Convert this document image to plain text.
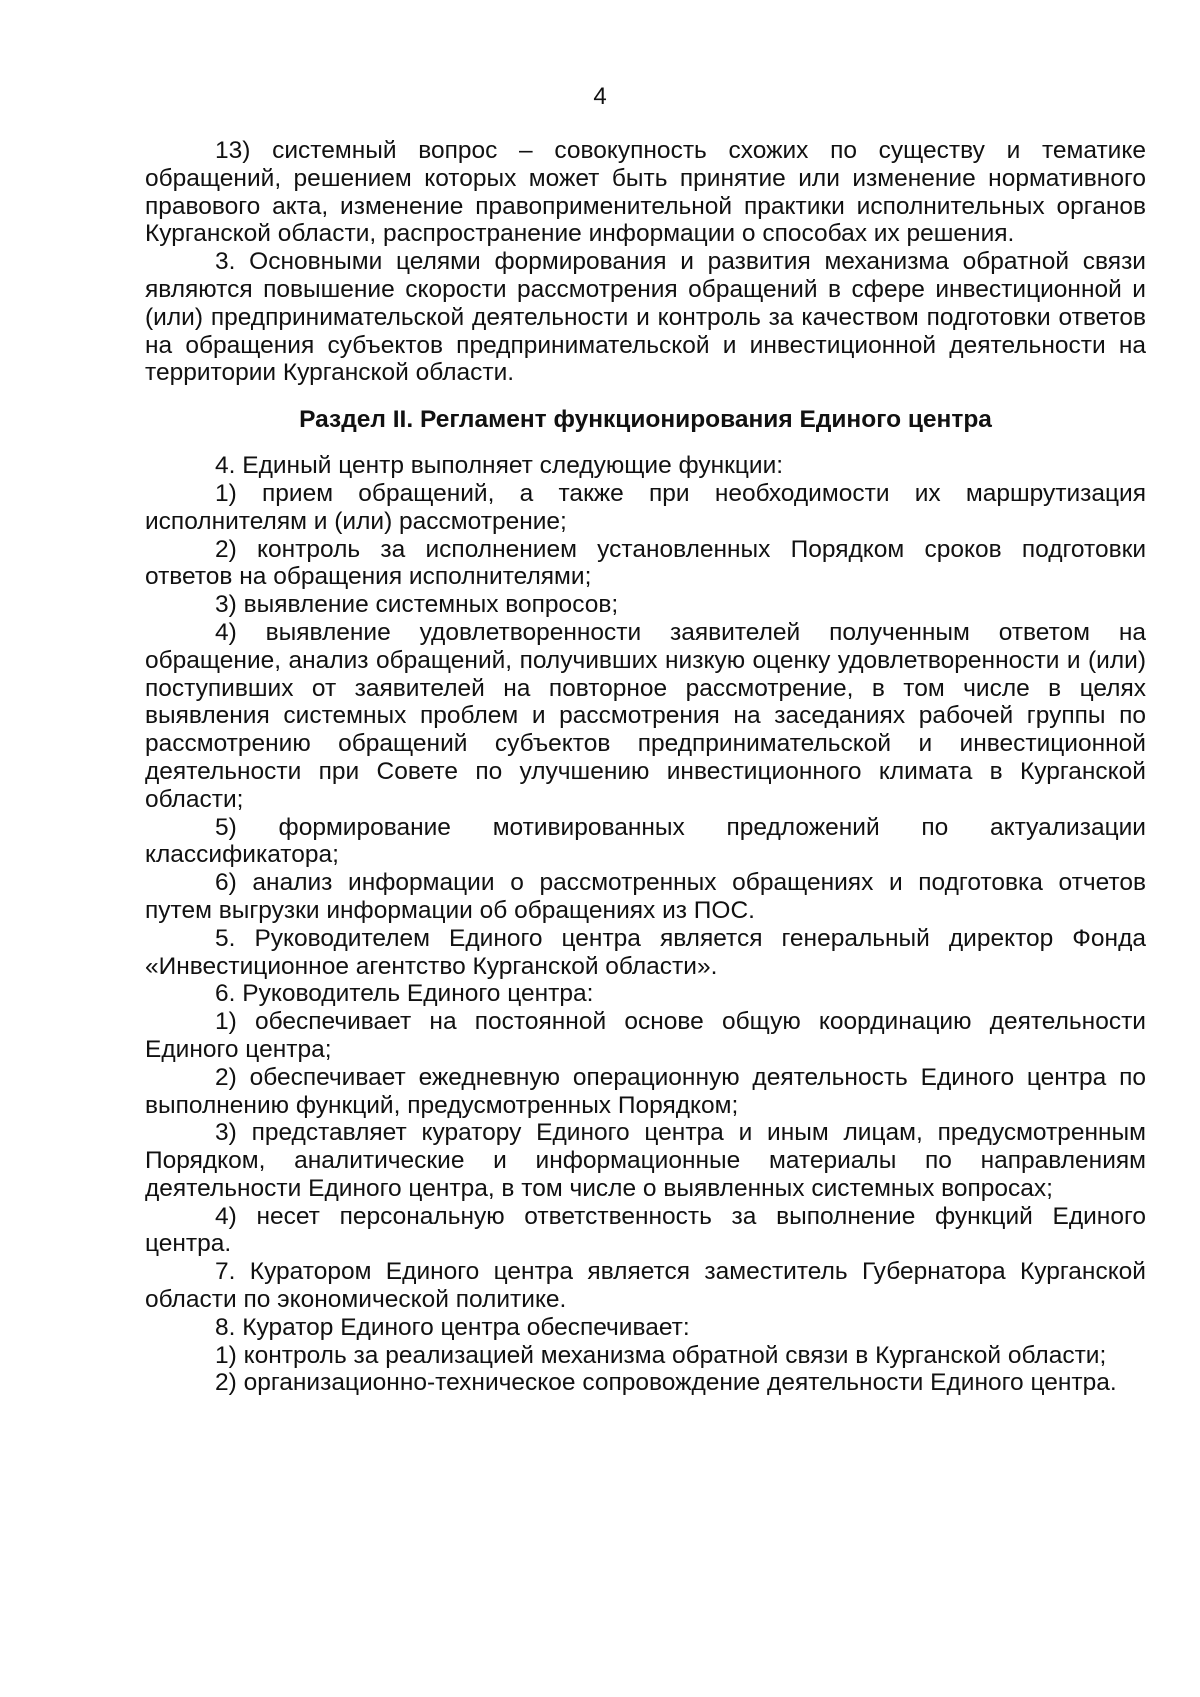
4

13) системный вопрос – совокупность схожих по существу и тематике обращений, решением которых может быть принятие или изменение нормативного правового акта, изменение правоприменительной практики исполнительных органов Курганской области, распространение информации о способах их решения.

3. Основными целями формирования и развития механизма обратной связи являются повышение скорости рассмотрения обращений в сфере инвестиционной и (или) предпринимательской деятельности и контроль за качеством подготовки ответов на обращения субъектов предпринимательской и инвестиционной деятельности на территории Курганской области.

Раздел II. Регламент функционирования Единого центра

4. Единый центр выполняет следующие функции:

1) прием обращений, а также при необходимости их маршрутизация исполнителям и (или) рассмотрение;

2) контроль за исполнением установленных Порядком сроков подготовки ответов на обращения исполнителями;

3) выявление системных вопросов;

4) выявление удовлетворенности заявителей полученным ответом на обращение, анализ обращений, получивших низкую оценку удовлетворенности и (или) поступивших от заявителей на повторное рассмотрение, в том числе в целях выявления системных проблем и рассмотрения на заседаниях рабочей группы по рассмотрению обращений субъектов предпринимательской и инвестиционной деятельности при Совете по улучшению инвестиционного климата в Курганской области;

5) формирование мотивированных предложений по актуализации классификатора;

6) анализ информации о рассмотренных обращениях и подготовка отчетов путем выгрузки информации об обращениях из ПОС.

5. Руководителем Единого центра является генеральный директор Фонда «Инвестиционное агентство Курганской области».

6. Руководитель Единого центра:

1) обеспечивает на постоянной основе общую координацию деятельности Единого центра;

2) обеспечивает ежедневную операционную деятельность Единого центра по выполнению функций, предусмотренных Порядком;

3) представляет куратору Единого центра и иным лицам, предусмотренным Порядком, аналитические и информационные материалы по направлениям деятельности Единого центра, в том числе о выявленных системных вопросах;

4) несет персональную ответственность за выполнение функций Единого центра.

7. Куратором Единого центра является заместитель Губернатора Курганской области по экономической политике.

8. Куратор Единого центра обеспечивает:

1) контроль за реализацией механизма обратной связи в Курганской области;

2) организационно-техническое сопровождение деятельности Единого центра.
